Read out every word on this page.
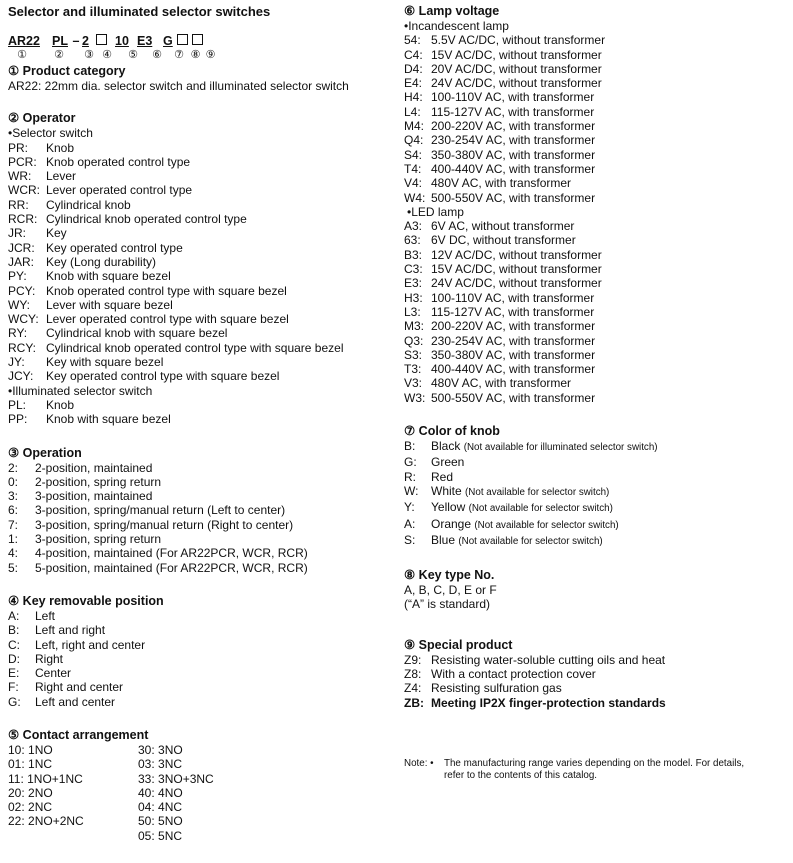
Selector and illuminated selector switches
AR22 PL – 2 10 E3 G
①	②	③ ④	⑤	⑥	⑦ ⑧ ⑨
① Product category
AR22: 22mm dia. selector switch and illuminated selector switch
② Operator
•Selector switch
PR: Knob
PCR: Knob operated control type
WR: Lever
WCR: Lever operated control type
RR: Cylindrical knob
RCR: Cylindrical knob operated control type
JR: Key
JCR: Key operated control type
JAR: Key (Long durability)
PY: Knob with square bezel
PCY: Knob operated control type with square bezel
WY: Lever with square bezel
WCY: Lever operated control type with square bezel
RY: Cylindrical knob with square bezel
RCY: Cylindrical knob operated control type with square bezel
JY: Key with square bezel
JCY: Key operated control type with square bezel
•Illuminated selector switch
PL: Knob
PP: Knob with square bezel
③ Operation
2: 2-position, maintained
0: 2-position, spring return
3: 3-position, maintained
6: 3-position, spring/manual return (Left to center)
7: 3-position, spring/manual return (Right to center)
1: 3-position, spring return
4: 4-position, maintained (For AR22PCR, WCR, RCR)
5: 5-position, maintained (For AR22PCR, WCR, RCR)
④ Key removable position
A: Left
B: Left and right
C: Left, right and center
D: Right
E: Center
F: Right and center
G: Left and center
⑤ Contact arrangement
10: 1NO
01: 1NC
11: 1NO+1NC
20: 2NO
02: 2NC
22: 2NO+2NC
30: 3NO
03: 3NC
33: 3NO+3NC
40: 4NO
04: 4NC
50: 5NO
05: 5NC
⑥ Lamp voltage
•Incandescent lamp
54: 5.5V AC/DC, without transformer
C4: 15V AC/DC, without transformer
D4: 20V AC/DC, without transformer
E4: 24V AC/DC, without transformer
H4: 100-110V AC, with transformer
L4: 115-127V AC, with transformer
M4: 200-220V AC, with transformer
Q4: 230-254V AC, with transformer
S4: 350-380V AC, with transformer
T4: 400-440V AC, with transformer
V4: 480V AC, with transformer
W4: 500-550V AC, with transformer
•LED lamp
A3: 6V AC, without transformer
63: 6V DC, without transformer
B3: 12V AC/DC, without transformer
C3: 15V AC/DC, without transformer
E3: 24V AC/DC, without transformer
H3: 100-110V AC, with transformer
L3: 115-127V AC, with transformer
M3: 200-220V AC, with transformer
Q3: 230-254V AC, with transformer
S3: 350-380V AC, with transformer
T3: 400-440V AC, with transformer
V3: 480V AC, with transformer
W3: 500-550V AC, with transformer
⑦ Color of knob
B: Black (Not available for illuminated selector switch)
G: Green
R: Red
W: White (Not available for selector switch)
Y: Yellow (Not available for selector switch)
A: Orange (Not available for selector switch)
S: Blue (Not available for selector switch)
⑧ Key type No.
A, B, C, D, E or F
(“A” is standard)
⑨ Special product
Z9: Resisting water-soluble cutting oils and heat
Z8: With a contact protection cover
Z4: Resisting sulfuration gas
ZB: Meeting IP2X finger-protection standards
Note: •	The manufacturing range varies depending on the model. For details,
refer to the contents of this catalog.
